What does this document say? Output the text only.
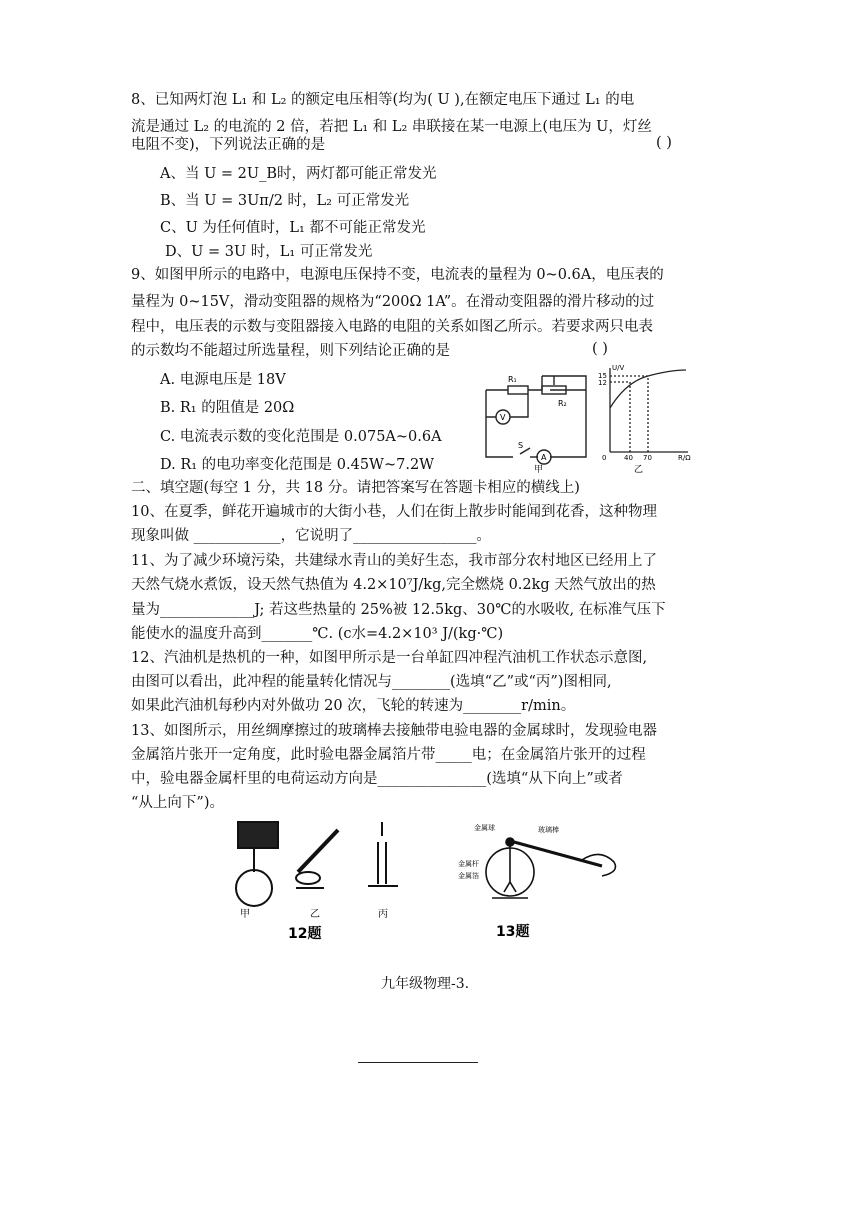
8、已知两灯泡 L₁ 和 L₂ 的额定电压相等(均为( U ),在额定电压下通过 L₁ 的电
流是通过 L₂ 的电流的 2 倍，若把 L₁ 和 L₂ 串联接在某一电源上(电压为 U，灯丝
电阻不变)，下列说法正确的是	( )
A、当 U = 2U_B时，两灯都可能正常发光
B、当 U = 3Uπ/2 时，L₂ 可正常发光
C、U 为任何值时，L₁ 都不可能正常发光
D、U = 3U 时，L₁ 可正常发光
9、如图甲所示的电路中，电源电压保持不变，电流表的量程为 0~0.6A，电压表的
量程为 0~15V，滑动变阻器的规格为“200Ω 1A”。在滑动变阻器的滑片移动的过
程中，电压表的示数与变阻器接入电路的电阻的关系如图乙所示。若要求两只电表
的示数均不能超过所选量程，则下列结论正确的是	( )
A. 电源电压是 18V
B. R₁ 的阻值是 20Ω
C. 电流表示数的变化范围是 0.075A~0.6A
D. R₁ 的电功率变化范围是 0.45W~7.2W
R₁
R₂
V
A
S
甲
U/V
15
12
0	40 70	R/Ω
乙
二、填空题(每空 1 分，共 18 分。请把答案写在答题卡相应的横线上)
10、在夏季，鲜花开遍城市的大街小巷，人们在街上散步时能闻到花香，这种物理
现象叫做 ____________，它说明了_________________。
11、为了减少环境污染，共建绿水青山的美好生态，我市部分农村地区已经用上了
天然气烧水煮饭，设天然气热值为 4.2×10⁷J/kg,完全燃烧 0.2kg 天然气放出的热
量为_____________J; 若这些热量的 25%被 12.5kg、30℃的水吸收, 在标准气压下
能使水的温度升高到_______℃. (c水=4.2×10³ J/(kg·℃)
12、汽油机是热机的一种，如图甲所示是一台单缸四冲程汽油机工作状态示意图,
由图可以看出，此冲程的能量转化情况与________(选填“乙”或“丙”)图相同,
如果此汽油机每秒内对外做功 20 次，飞轮的转速为________r/min。
13、如图所示，用丝绸摩擦过的玻璃棒去接触带电验电器的金属球时，发现验电器
金属箔片张开一定角度，此时验电器金属箔片带_____电；在金属箔片张开的过程
中，验电器金属杆里的电荷运动方向是_______________(选填“从下向上”或者
“从上向下”)。
甲	乙	丙
12题
金属球	玻璃棒
金属杆
金属箔
13题
九年级物理-3.
